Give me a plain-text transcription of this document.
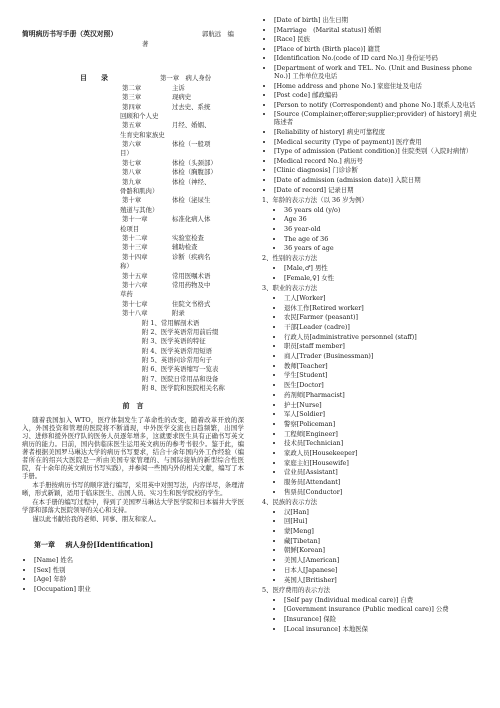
简明病历书写手册（英汉对照）	郭航远　编
著
目 录	第一章　病人身份
第二章	主诉
第三章	现病史
第四章	过去史、系统
回顾和个人史
第五章	月经、婚姻、
生育史和家族史
第六章	体检（一般项
目）
第七章	体检（头颈部）
第八章	体检（胸腹部）
第九章	体检（神经、
骨骼和肌肉）
第十章	体检（泌尿生
殖道与其他）
第十一章	标准化病人体
检项目
第十二章	实验室检查
第十三章	辅助检查
第十四章	诊断（疾病名
称）
第十五章	常用医嘱术语
第十六章	常用药物及中
草药
第十七章	住院文书格式
第十八章	附录
附 1、常用解剖术语
附 2、医学英语常用前后缀
附 3、医学英语的特征
附 4、医学英语常用短语
附 5、英语问诊常用句子
附 6、医学英语缩写一览表
附 7、医院日常用品和设备
附 8、医学院和医院相关名称
前　言

随着我国加入 WTO，医疗体制发生了革命性的改变，随着改革开放的深入，外国投资和管理的医院将不断涌现，中外医学交流也日趋频繁，出国学习、进修和援外医疗队的医务人员逐年增多，这就要求医生具有正确书写英文病历的能力。目前，国内供临床医生运用英文病历的参考书很少。鉴于此，编著者根据美国罗马琳达大学的病历书写要求，结合十余年国内外工作经验（编者所在的绍兴大医院是一所由美国专家管理的、与国际接轨的新型综合性医院，有十余年的英文病历书写实践），并参阅一些国内外的相关文献，编写了本手册。

本手册按病历书写的顺序进行编写，采用英中对照写法，内容详尽，条理清晰，形式新颖，适用于临床医生、出国人员、实习生和医学院校的学生。

在本手册的编写过程中，得到了美国罗马琳达大学医学院和日本福井大学医学部和部落大医院领导的关心和支持。

谨以此书献给我的老师、同事、朋友和家人。

第一章 病人身份[Identification]
• [Name] 姓名
• [Sex] 性别
• [Age] 年龄
• [Occupation] 职业
• [Date of birth] 出生日期
• [Marriage　(Marital status)] 婚姻
• [Race] 民族
• [Place of birth (Birth place)] 籍贯
• [Identification No.(code of ID card No.)] 身份证号码
• [Department of work and TEL. No. (Unit and Business phone No.)] 工作单位及电话
• [Home address and phone No.] 家庭住址及电话
• [Post code] 邮政编码
• [Person to notify (Correspondent) and phone No.] 联系人及电话
• [Source (Complainer;offerer;supplier;provider) of history] 病史陈述者
• [Reliability of history] 病史可靠程度
• [Medical security (Type of payment)] 医疗费用
• [Type of admission (Patient condition)] 住院类别（入院时病情）
• [Medical record No.] 病历号
• [Clinic diagnosis] 门诊诊断
• [Date of admission (admission date)] 入院日期
• [Date of record] 记录日期
1、年龄的表示方法（以 36 岁为例）
• 36 years old (y/o)
• Age 36
• 36 year-old
• The age of 36
• 36 years of age
2、性别的表示方法
• [Male,♂] 男性
• [Female,♀] 女性
3、职业的表示方法
• 工人[Worker]
• 退休工作[Retired worker]
• 农民[Farmer (peasant)]
• 干部[Leader (cadre)]
• 行政人员[administrative personnel (staff)]
• 职员[staff member]
• 商人[Trader (Businessman)]
• 教师[Teacher]
• 学生[Student]
• 医生[Doctor]
• 药剂师[Pharmacist]
• 护士[Nurse]
• 军人[Soldier]
• 警察[Policeman]
• 工程师[Engineer]
• 技术员[Technician]
• 家政人员[Housekeeper]
• 家庭主妇[Housewife]
• 营业员[Assistant]
• 服务员[Attendant]
• 售票员[Conductor]
4、民族的表示方法
• 汉[Han]
• 回[Hui]
• 蒙[Meng]
• 藏[Tibetan]
• 朝鲜[Korean]
• 美国人[American]
• 日本人[Japanese]
• 英国人[Britisher]
5、医疗费用的表示方法
• [Self pay (Individual medical care)] 自费
• [Government insurance (Public medical care)] 公费
• [Insurance] 保险
• [Local insurance] 本地医保
